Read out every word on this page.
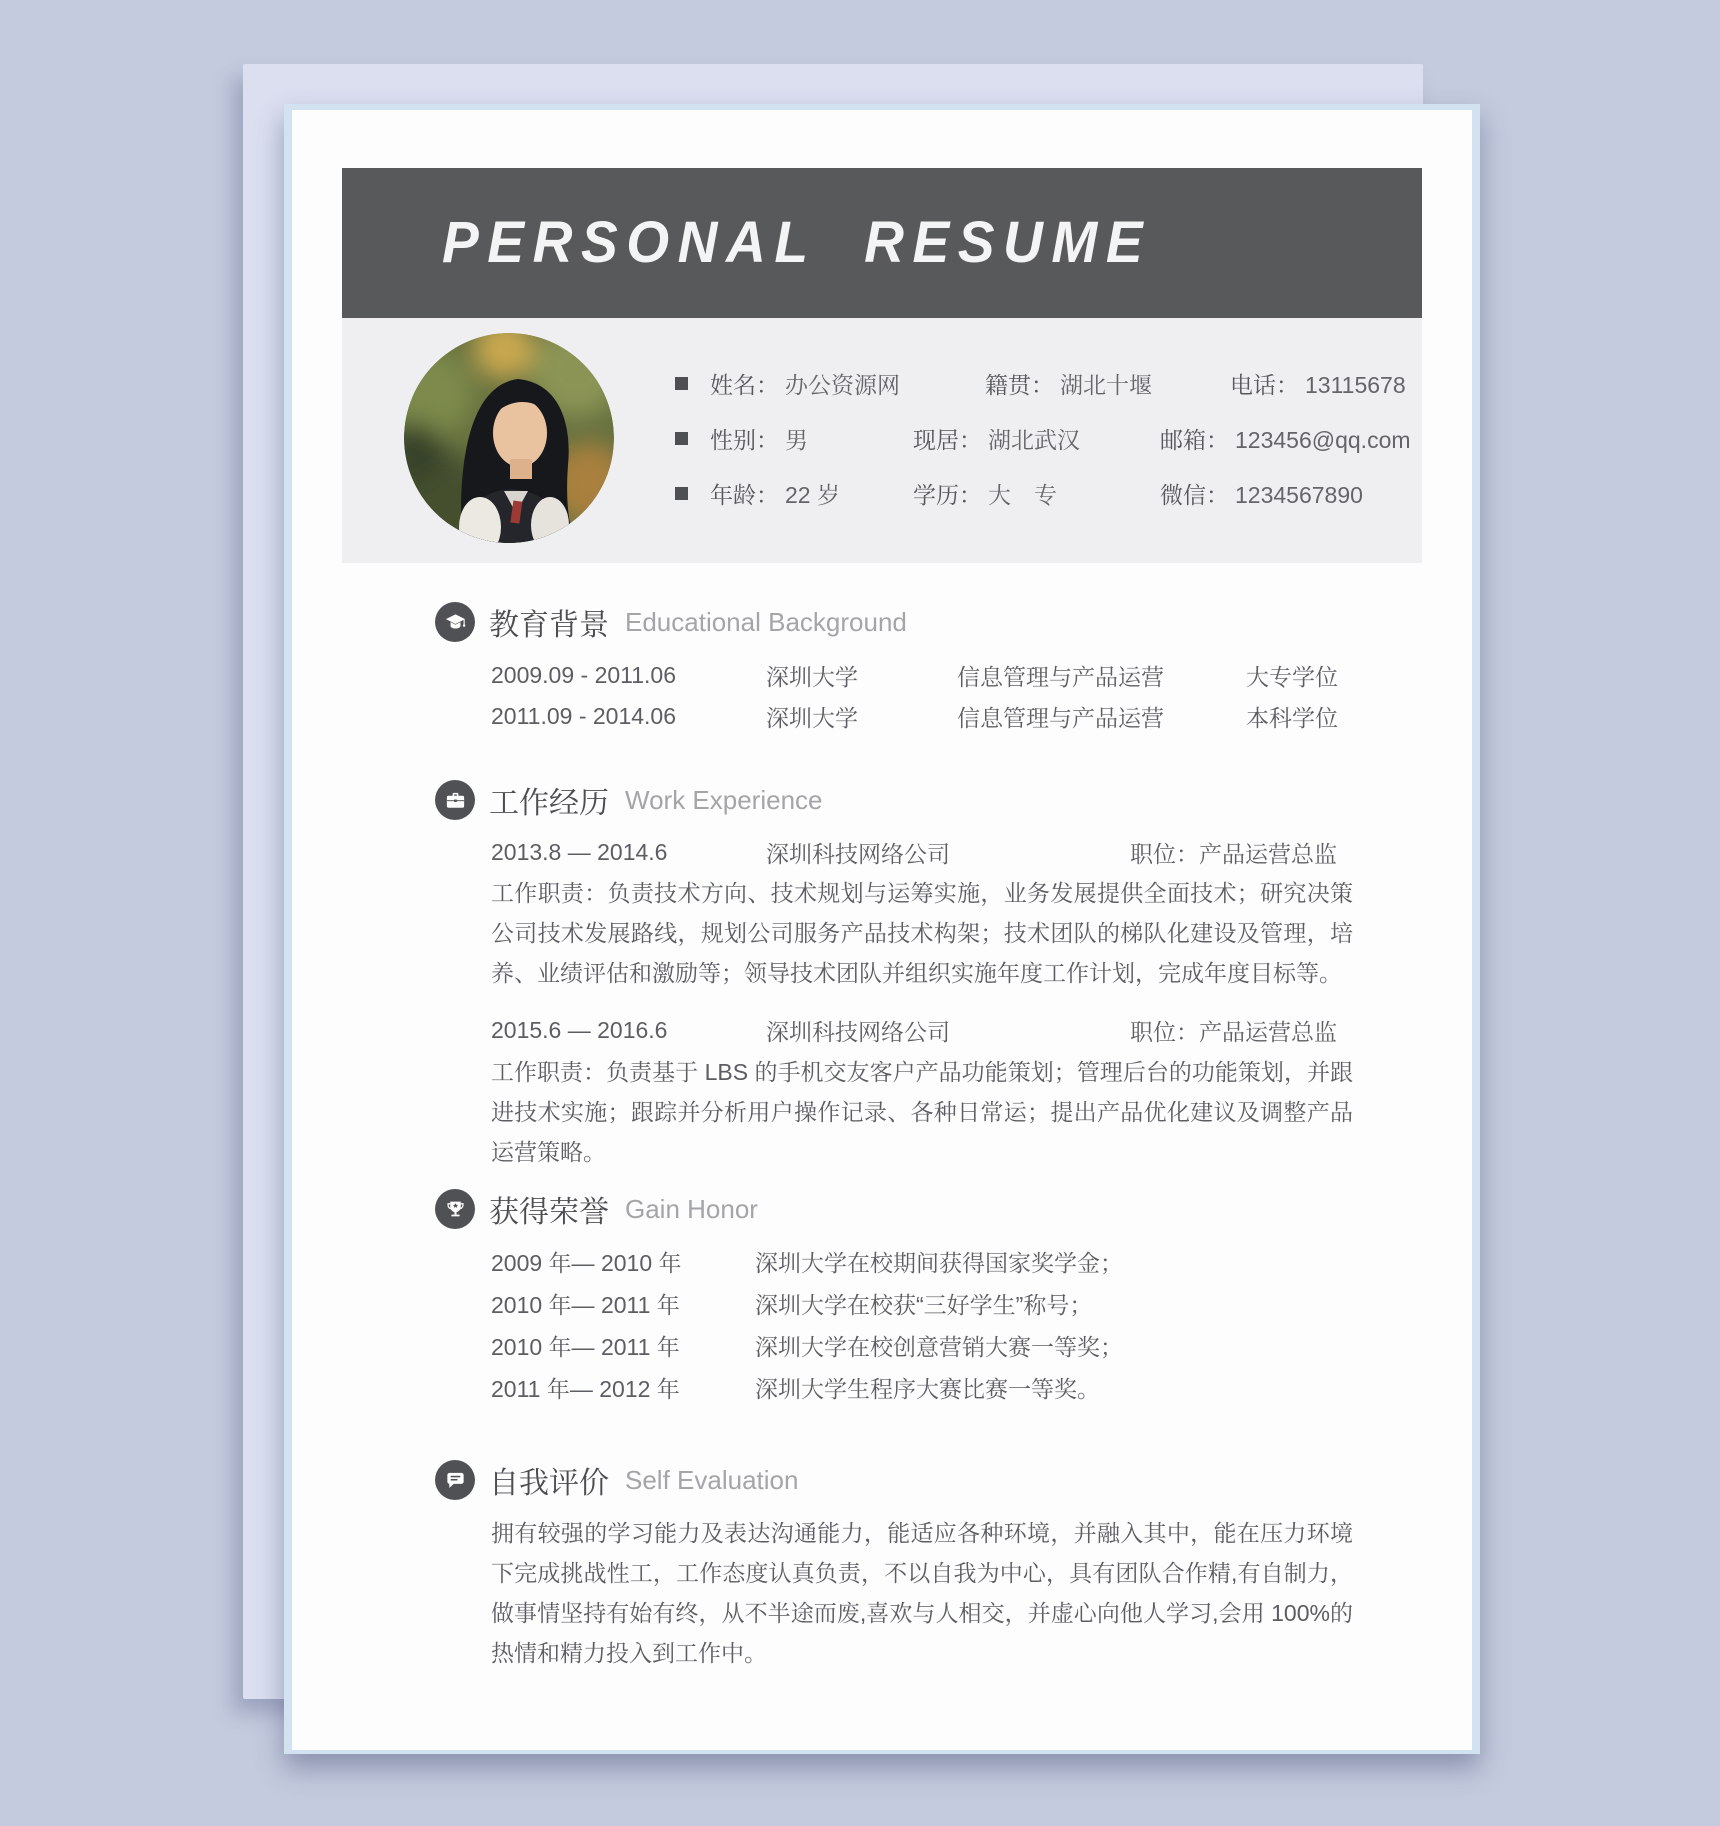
PERSONAL RESUME
姓名： 办公资源网	籍贯： 湖北十堰	电话： 13115678
性别： 男	现居： 湖北武汉	邮箱： 123456@qq.com
年龄： 22 岁	学历： 大　专	微信： 1234567890
教育背景 Educational Background
2009.09 - 2011.06	深圳大学	信息管理与产品运营	大专学位
2011.09 - 2014.06	深圳大学	信息管理与产品运营	本科学位
工作经历 Work Experience
2013.8 — 2014.6	深圳科技网络公司	职位：产品运营总监
工作职责：负责技术方向、技术规划与运筹实施，业务发展提供全面技术；研究决策公司技术发展路线，规划公司服务产品技术构架；技术团队的梯队化建设及管理，培养、业绩评估和激励等；领导技术团队并组织实施年度工作计划，完成年度目标等。
2015.6 — 2016.6	深圳科技网络公司	职位：产品运营总监
工作职责：负责基于 LBS 的手机交友客户产品功能策划；管理后台的功能策划，并跟进技术实施；跟踪并分析用户操作记录、各种日常运；提出产品优化建议及调整产品运营策略。
获得荣誉 Gain Honor
2009 年— 2010 年	深圳大学在校期间获得国家奖学金；
2010 年— 2011 年	深圳大学在校获“三好学生”称号；
2010 年— 2011 年	深圳大学在校创意营销大赛一等奖；
2011 年— 2012 年	深圳大学生程序大赛比赛一等奖。
自我评价 Self Evaluation
拥有较强的学习能力及表达沟通能力，能适应各种环境，并融入其中，能在压力环境下完成挑战性工，工作态度认真负责，不以自我为中心，具有团队合作精,有自制力，做事情坚持有始有终，从不半途而废,喜欢与人相交，并虚心向他人学习,会用 100%的热情和精力投入到工作中。
